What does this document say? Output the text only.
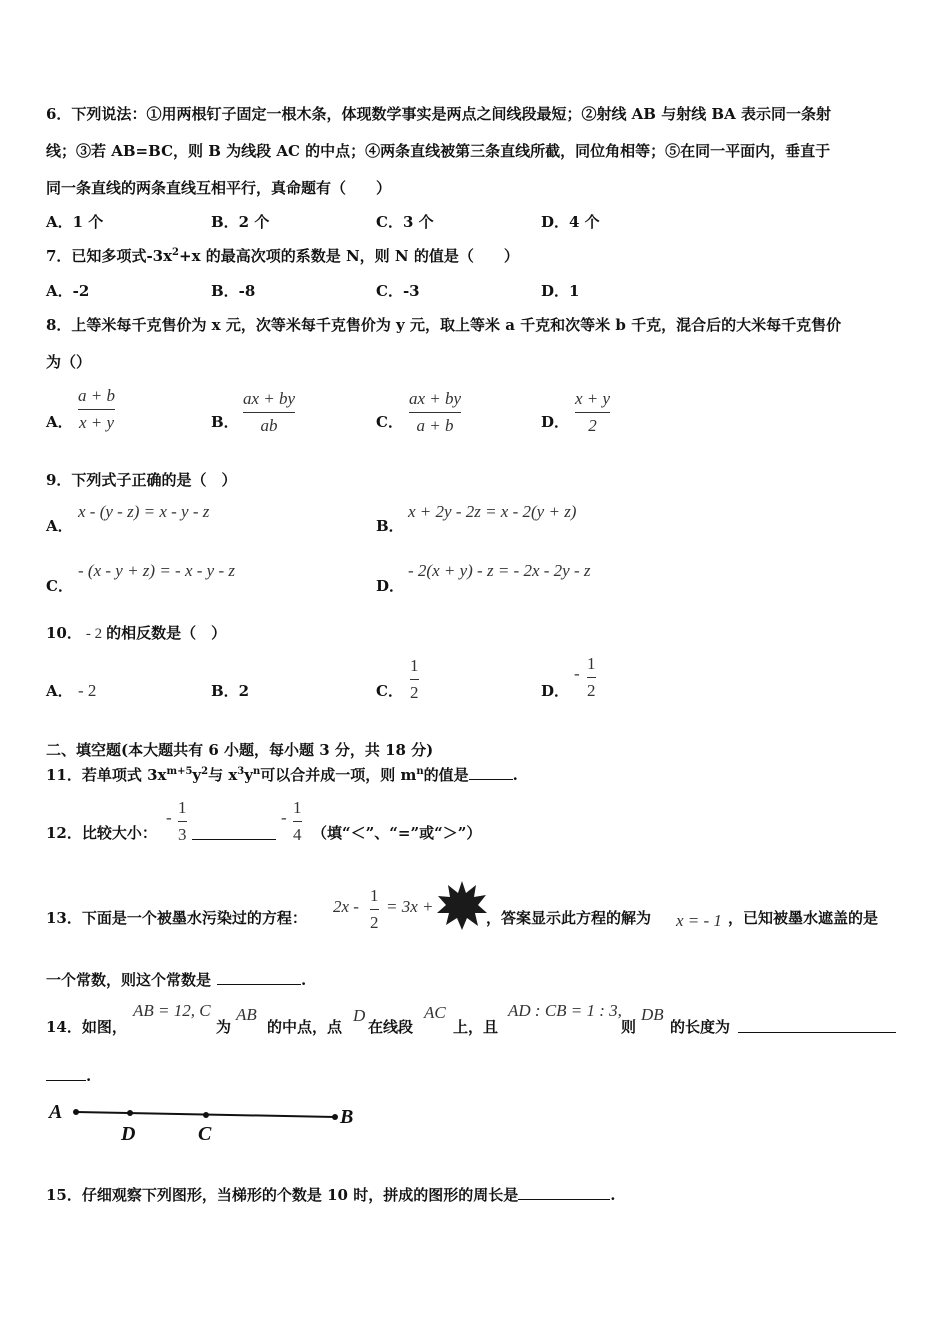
6．下列说法：①用两根钉子固定一根木条，体现数学事实是两点之间线段最短；②射线 AB 与射线 BA 表示同一条射
线；③若 AB=BC，则 B 为线段 AC 的中点；④两条直线被第三条直线所截，同位角相等；⑤在同一平面内，垂直于
同一条直线的两条直线互相平行，真命题有（　　）
A．1 个	B．2 个	C．3 个	D．4 个
7．已知多项式$-3x^2+x$ 的最高次项的系数是 N，则 N 的值是（　　）
A．-2	B．-8	C．-3	D．1
8．上等米每千克售价为 x 元，次等米每千克售价为 y 元，取上等米 a 千克和次等米 b 千克，混合后的大米每千克售价
为（）
A．
a + b
x + y	B．
ax + by
ab	C．
ax + by
a + b	D．
x + y
2
9．下列式子正确的是（　）
A．
x - (y - z) = x - y - z
B．
x + 2y - 2z = x - 2(y + z)
C．
- (x - y + z) = - x - y - z
D．
- 2(x + y) - z = - 2x - 2y - z
10． - 2 的相反数是（　）
A． - 2	B．2	C．
1
2	D．
-
1
2
二、填空题(本大题共有 6 小题，每小题 3 分，共 18 分)
11．若单项式 $3x^{m+5}y^2$与 $x^3y^n$可以合并成一项，则 $m^n$的值是	.
12．比较大小：
-
1
3
-
1
4 （填“＜”、“=”或“＞”）
13．下面是一个被墨水污染过的方程：
2x -
1
2
= 3x +
，答案显示此方程的解为 x = - 1 ，已知被墨水遮盖的是
一个常数，则这个常数是	.
14．如图，
AB = 12, C
为
AB
的中点，点
D
在线段
AC
上，且
AD : CB = 1 : 3,
则
DB
的长度为
.
A
D	C
B
15．仔细观察下列图形，当梯形的个数是 10 时，拼成的图形的周长是	.
